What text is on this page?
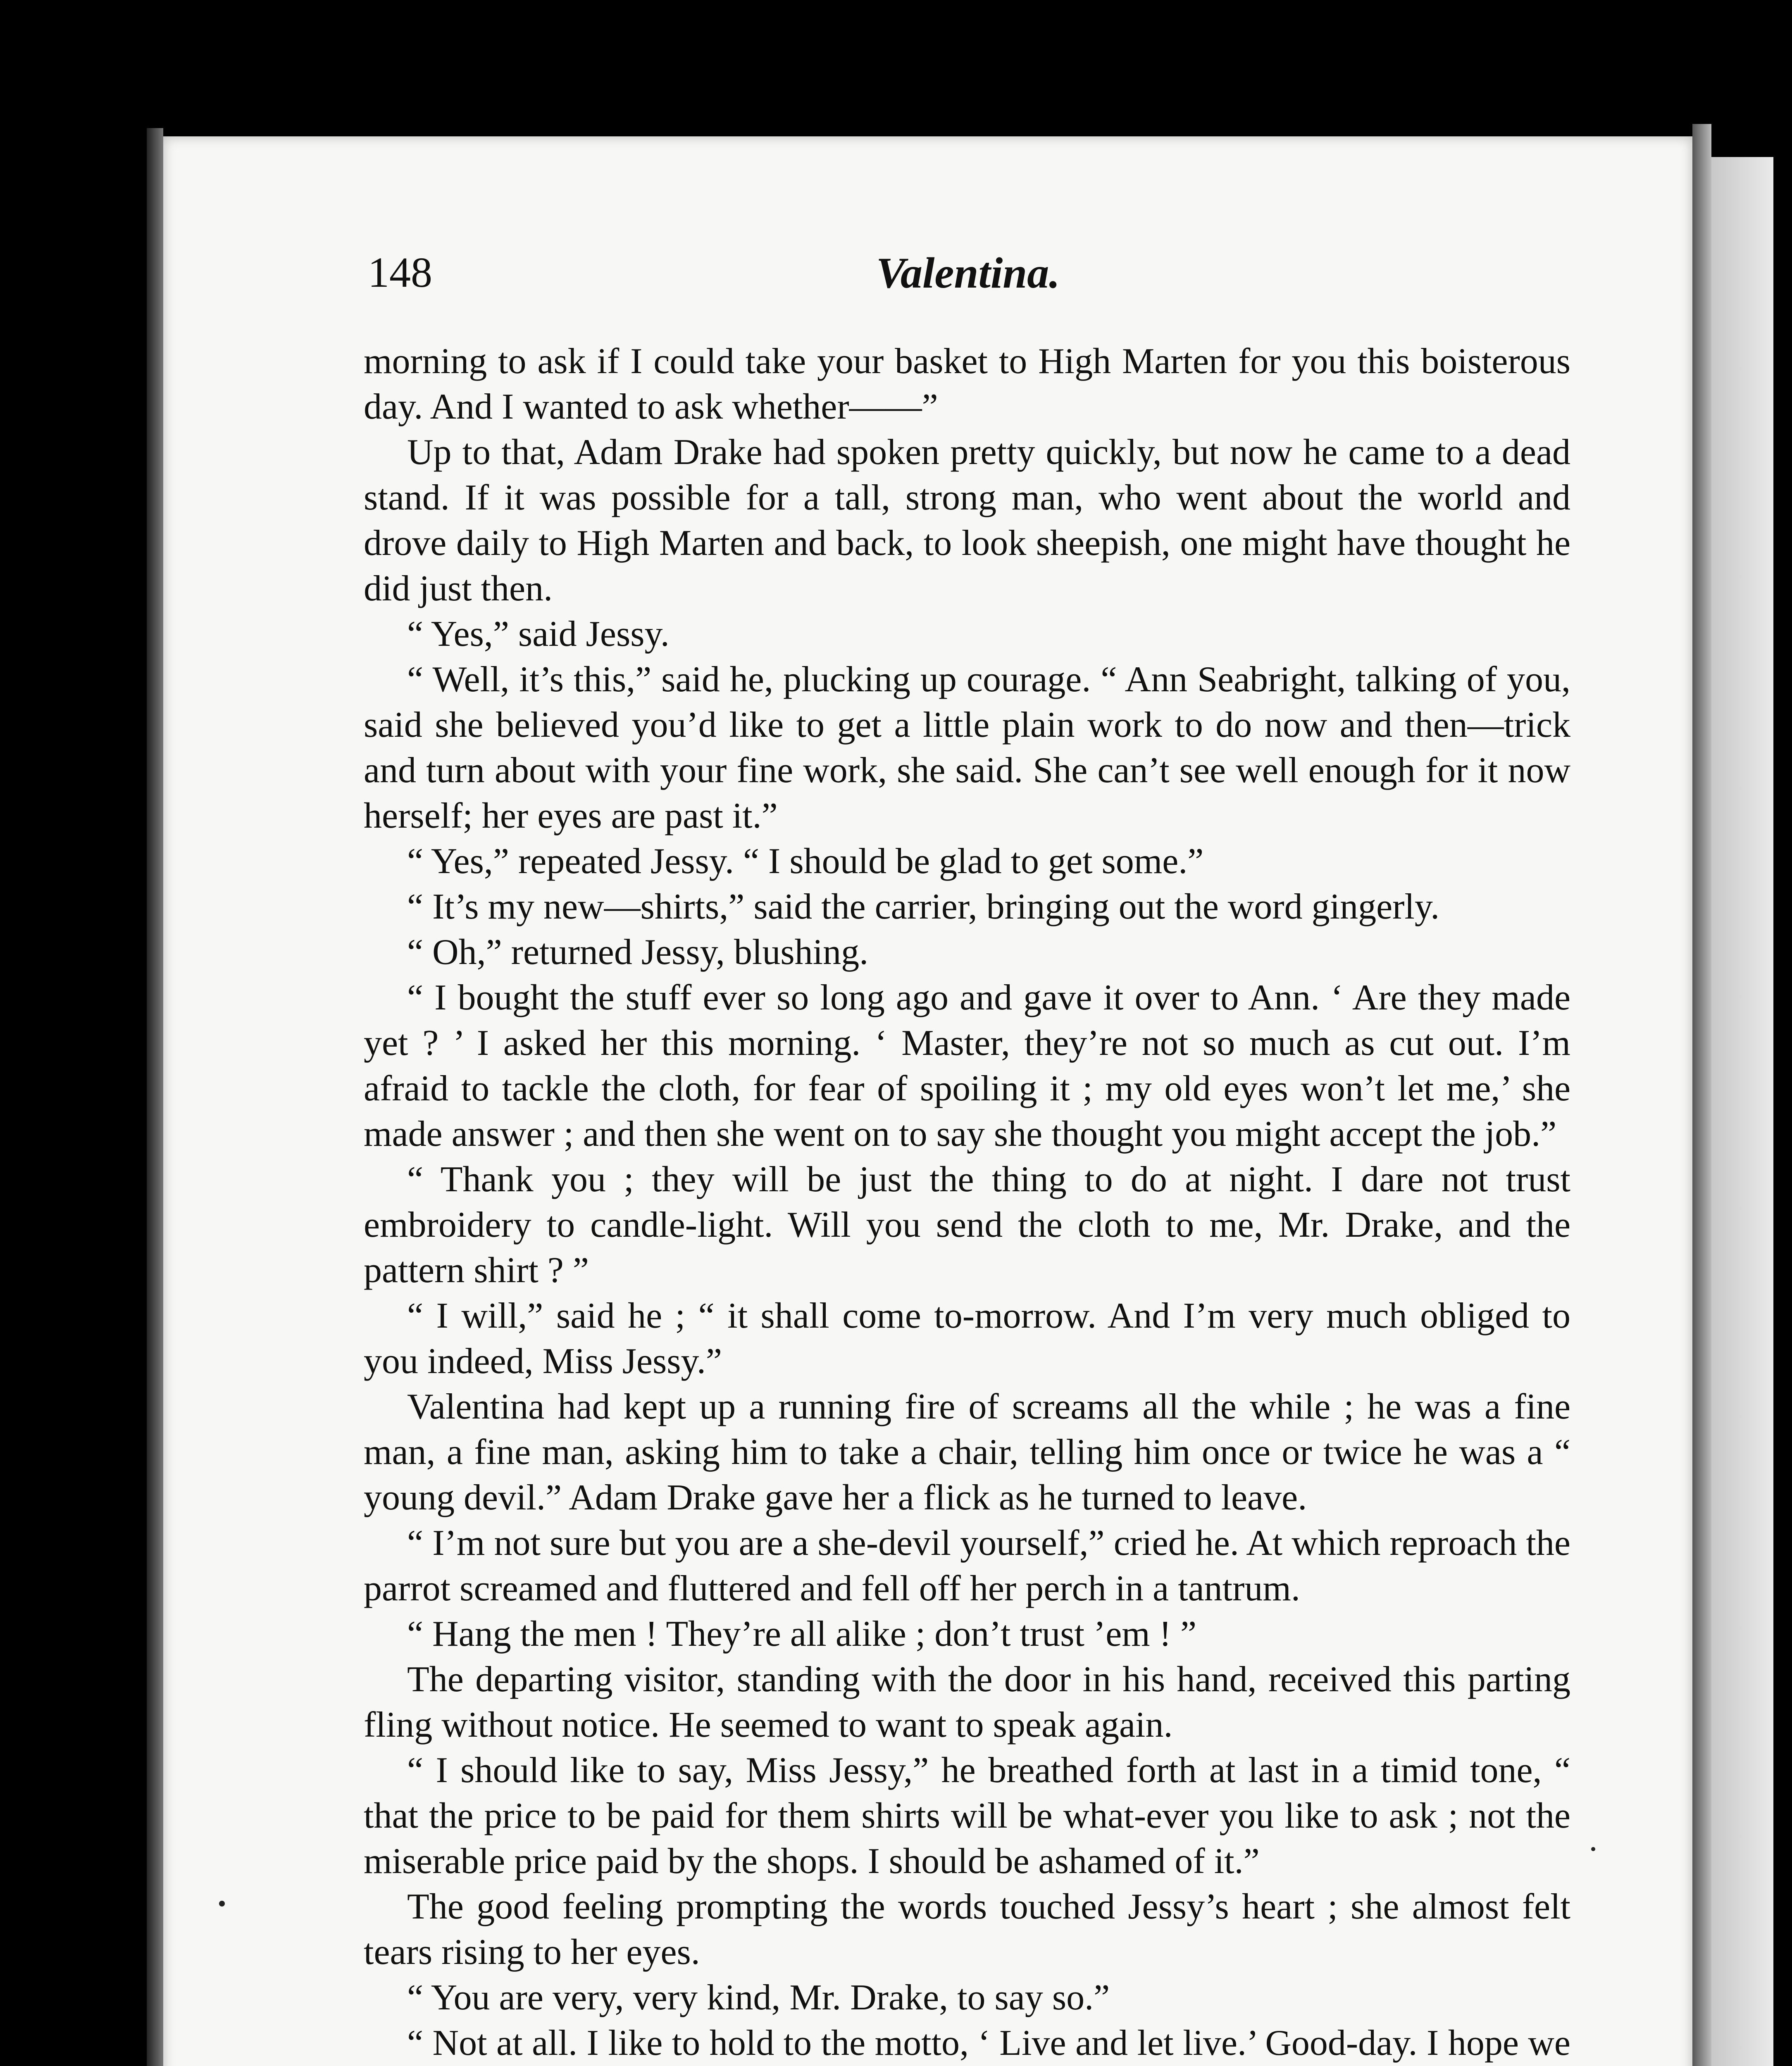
148	Valentina.

morning to ask if I could take your basket to High Marten for you this boisterous day. And I wanted to ask whether——”

Up to that, Adam Drake had spoken pretty quickly, but now he came to a dead stand. If it was possible for a tall, strong man, who went about the world and drove daily to High Marten and back, to look sheepish, one might have thought he did just then.

“ Yes,” said Jessy.

“ Well, it’s this,” said he, plucking up courage. “ Ann Seabright, talking of you, said she believed you’d like to get a little plain work to do now and then—trick and turn about with your fine work, she said. She can’t see well enough for it now herself; her eyes are past it.”

“ Yes,” repeated Jessy. “ I should be glad to get some.”

“ It’s my new—shirts,” said the carrier, bringing out the word gingerly.

“ Oh,” returned Jessy, blushing.

“ I bought the stuff ever so long ago and gave it over to Ann. ‘ Are they made yet ? ’ I asked her this morning. ‘ Master, they’re not so much as cut out. I’m afraid to tackle the cloth, for fear of spoiling it ; my old eyes won’t let me,’ she made answer ; and then she went on to say she thought you might accept the job.”

“ Thank you ; they will be just the thing to do at night. I dare not trust embroidery to candle-light. Will you send the cloth to me, Mr. Drake, and the pattern shirt ? ”

“ I will,” said he ; “ it shall come to-morrow. And I’m very much obliged to you indeed, Miss Jessy.”

Valentina had kept up a running fire of screams all the while ; he was a fine man, a fine man, asking him to take a chair, telling him once or twice he was a “ young devil.” Adam Drake gave her a flick as he turned to leave.

“ I’m not sure but you are a she-devil yourself,” cried he. At which reproach the parrot screamed and fluttered and fell off her perch in a tantrum.

“ Hang the men ! They’re all alike ; don’t trust ’em ! ”

The departing visitor, standing with the door in his hand, received this parting fling without notice. He seemed to want to speak again.

“ I should like to say, Miss Jessy,” he breathed forth at last in a timid tone, “ that the price to be paid for them shirts will be what-ever you like to ask ; not the miserable price paid by the shops. I should be ashamed of it.”

The good feeling prompting the words touched Jessy’s heart ; she almost felt tears rising to her eyes.

“ You are very, very kind, Mr. Drake, to say so.”

“ Not at all. I like to hold to the motto, ‘ Live and let live.’ Good-day. I hope we
